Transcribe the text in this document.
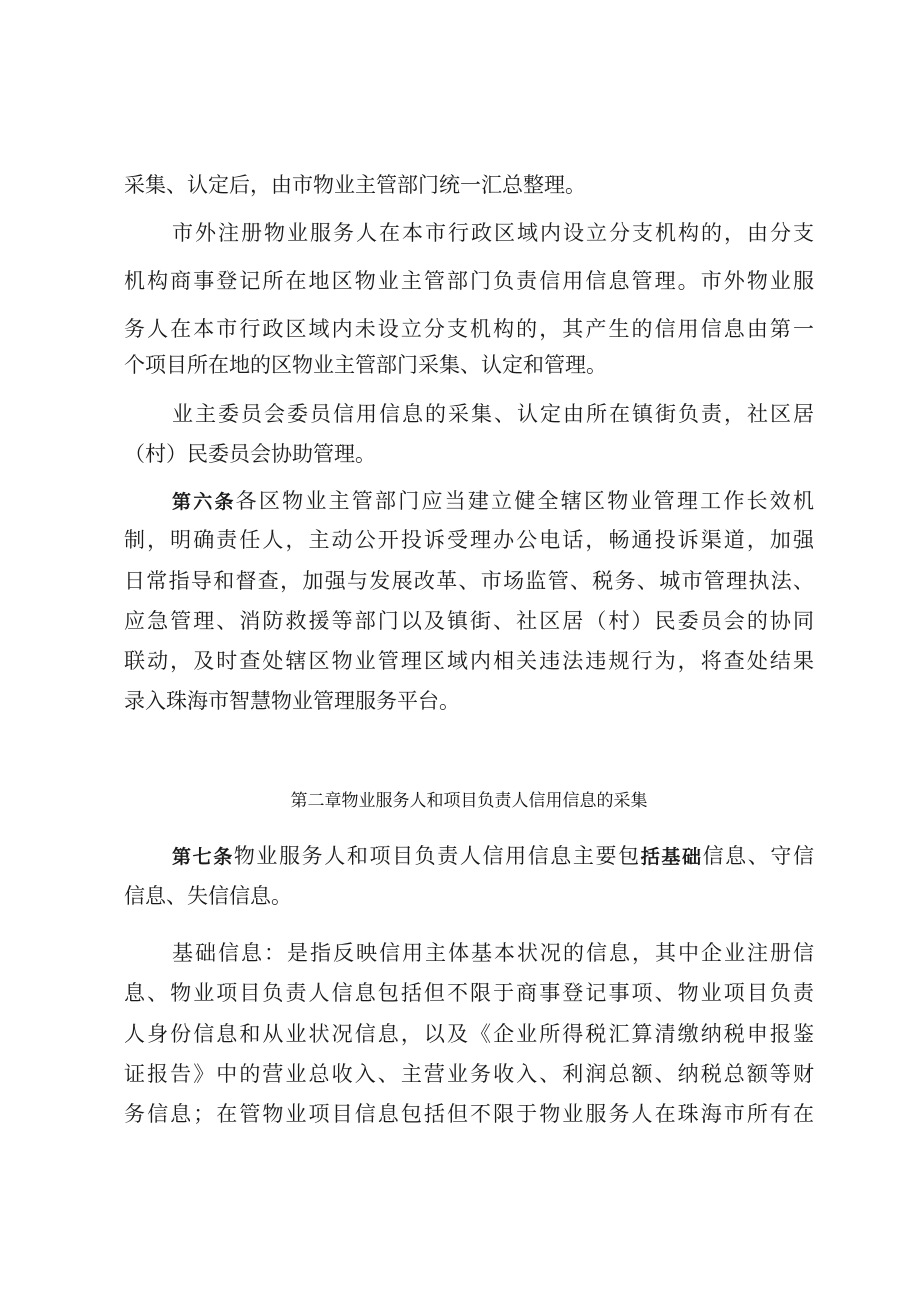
采集、认定后，由市物业主管部门统一汇总整理。
市外注册物业服务人在本市行政区域内设立分支机构的，由分支
机构商事登记所在地区物业主管部门负责信用信息管理。市外物业服
务人在本市行政区域内未设立分支机构的，其产生的信用信息由第一
个项目所在地的区物业主管部门采集、认定和管理。
业主委员会委员信用信息的采集、认定由所在镇街负责，社区居
（村）民委员会协助管理。
第六条各区物业主管部门应当建立健全辖区物业管理工作长效机
制，明确责任人，主动公开投诉受理办公电话，畅通投诉渠道，加强
日常指导和督查，加强与发展改革、市场监管、税务、城市管理执法、
应急管理、消防救援等部门以及镇街、社区居（村）民委员会的协同
联动，及时查处辖区物业管理区域内相关违法违规行为，将查处结果
录入珠海市智慧物业管理服务平台。
第二章物业服务人和项目负责人信用信息的采集
第七条物业服务人和项目负责人信用信息主要包括基础信息、守信
信息、失信信息。
基础信息：是指反映信用主体基本状况的信息，其中企业注册信
息、物业项目负责人信息包括但不限于商事登记事项、物业项目负责
人身份信息和从业状况信息，以及《企业所得税汇算清缴纳税申报鉴
证报告》中的营业总收入、主营业务收入、利润总额、纳税总额等财
务信息；在管物业项目信息包括但不限于物业服务人在珠海市所有在
